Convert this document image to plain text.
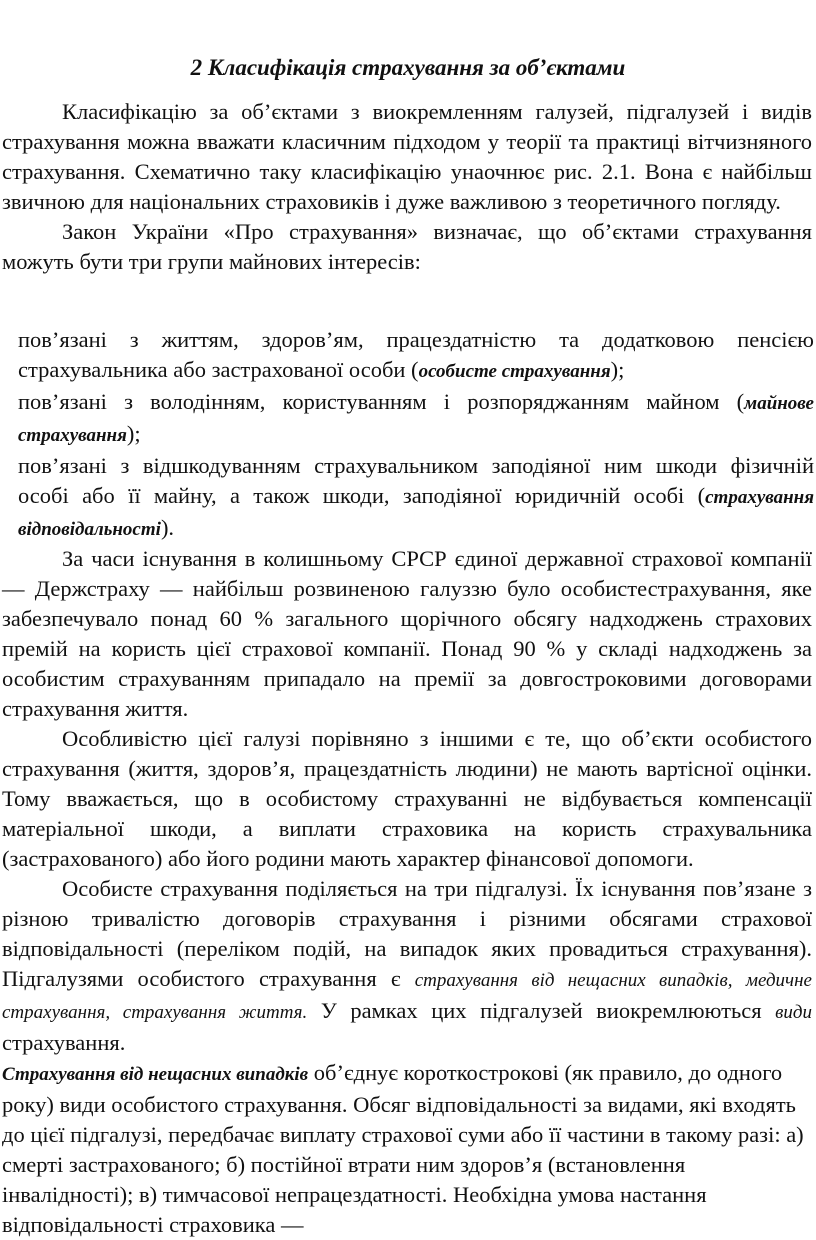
2 Класифікація страхування за об’єктами

Класифікацію за об’єктами з виокремленням галузей, підгалузей і видів страхування можна вважати класичним підходом у теорії та практиці вітчизняного страхування. Схематично таку класифікацію унаочнює рис. 2.1. Вона є найбільш звичною для національних страховиків і дуже важливою з теоретичного погляду.

Закон України «Про страхування» визначає, що об’єктами страхування можуть бути три групи майнових інтересів:

пов’язані з життям, здоров’ям, працездатністю та додатковою пенсією страхувальника або застрахованої особи (особисте страхування);

пов’язані з володінням, користуванням і розпоряджанням майном (майнове страхування);

пов’язані з відшкодуванням страхувальником заподіяної ним шкоди фізичній особі або її майну, а також шкоди, заподіяної юридичній особі (страхування відповідальності).

За часи існування в колишньому СРСР єдиної державної страхової компанії — Держстраху — найбільш розвиненою галуззю було особистестрахування, яке забезпечувало понад 60 % загального щорічного обсягу надходжень страхових премій на користь цієї страхової компанії. Понад 90 % у складі надходжень за особистим страхуванням припадало на премії за довгостроковими договорами страхування життя.

Особливістю цієї галузі порівняно з іншими є те, що об’єкти особистого страхування (життя, здоров’я, працездатність людини) не мають вартісної оцінки. Тому вважається, що в особистому страхуванні не відбувається компенсації матеріальної шкоди, а виплати страховика на користь страхувальника (застрахованого) або його родини мають характер фінансової допомоги.

Особисте страхування поділяється на три підгалузі. Їх існування пов’язане з різною тривалістю договорів страхування і різними обсягами страхової відповідальності (переліком подій, на випадок яких провадиться страхування). Підгалузями особистого страхування є страхування від нещасних випадків, медичне страхування, страхування життя. У рамках цих підгалузей виокремлюються види страхування.

Страхування від нещасних випадків об’єднує короткострокові (як правило, до одного року) види особистого страхування. Обсяг відповідальності за видами, які входять до цієї підгалузі, передбачає виплату страхової суми або її частини в такому разі: а) смерті застрахованого; б) постійної втрати ним здоров’я (встановлення інвалідності); в) тимчасової непрацездатності. Необхідна умова настання відповідальності страховика —
